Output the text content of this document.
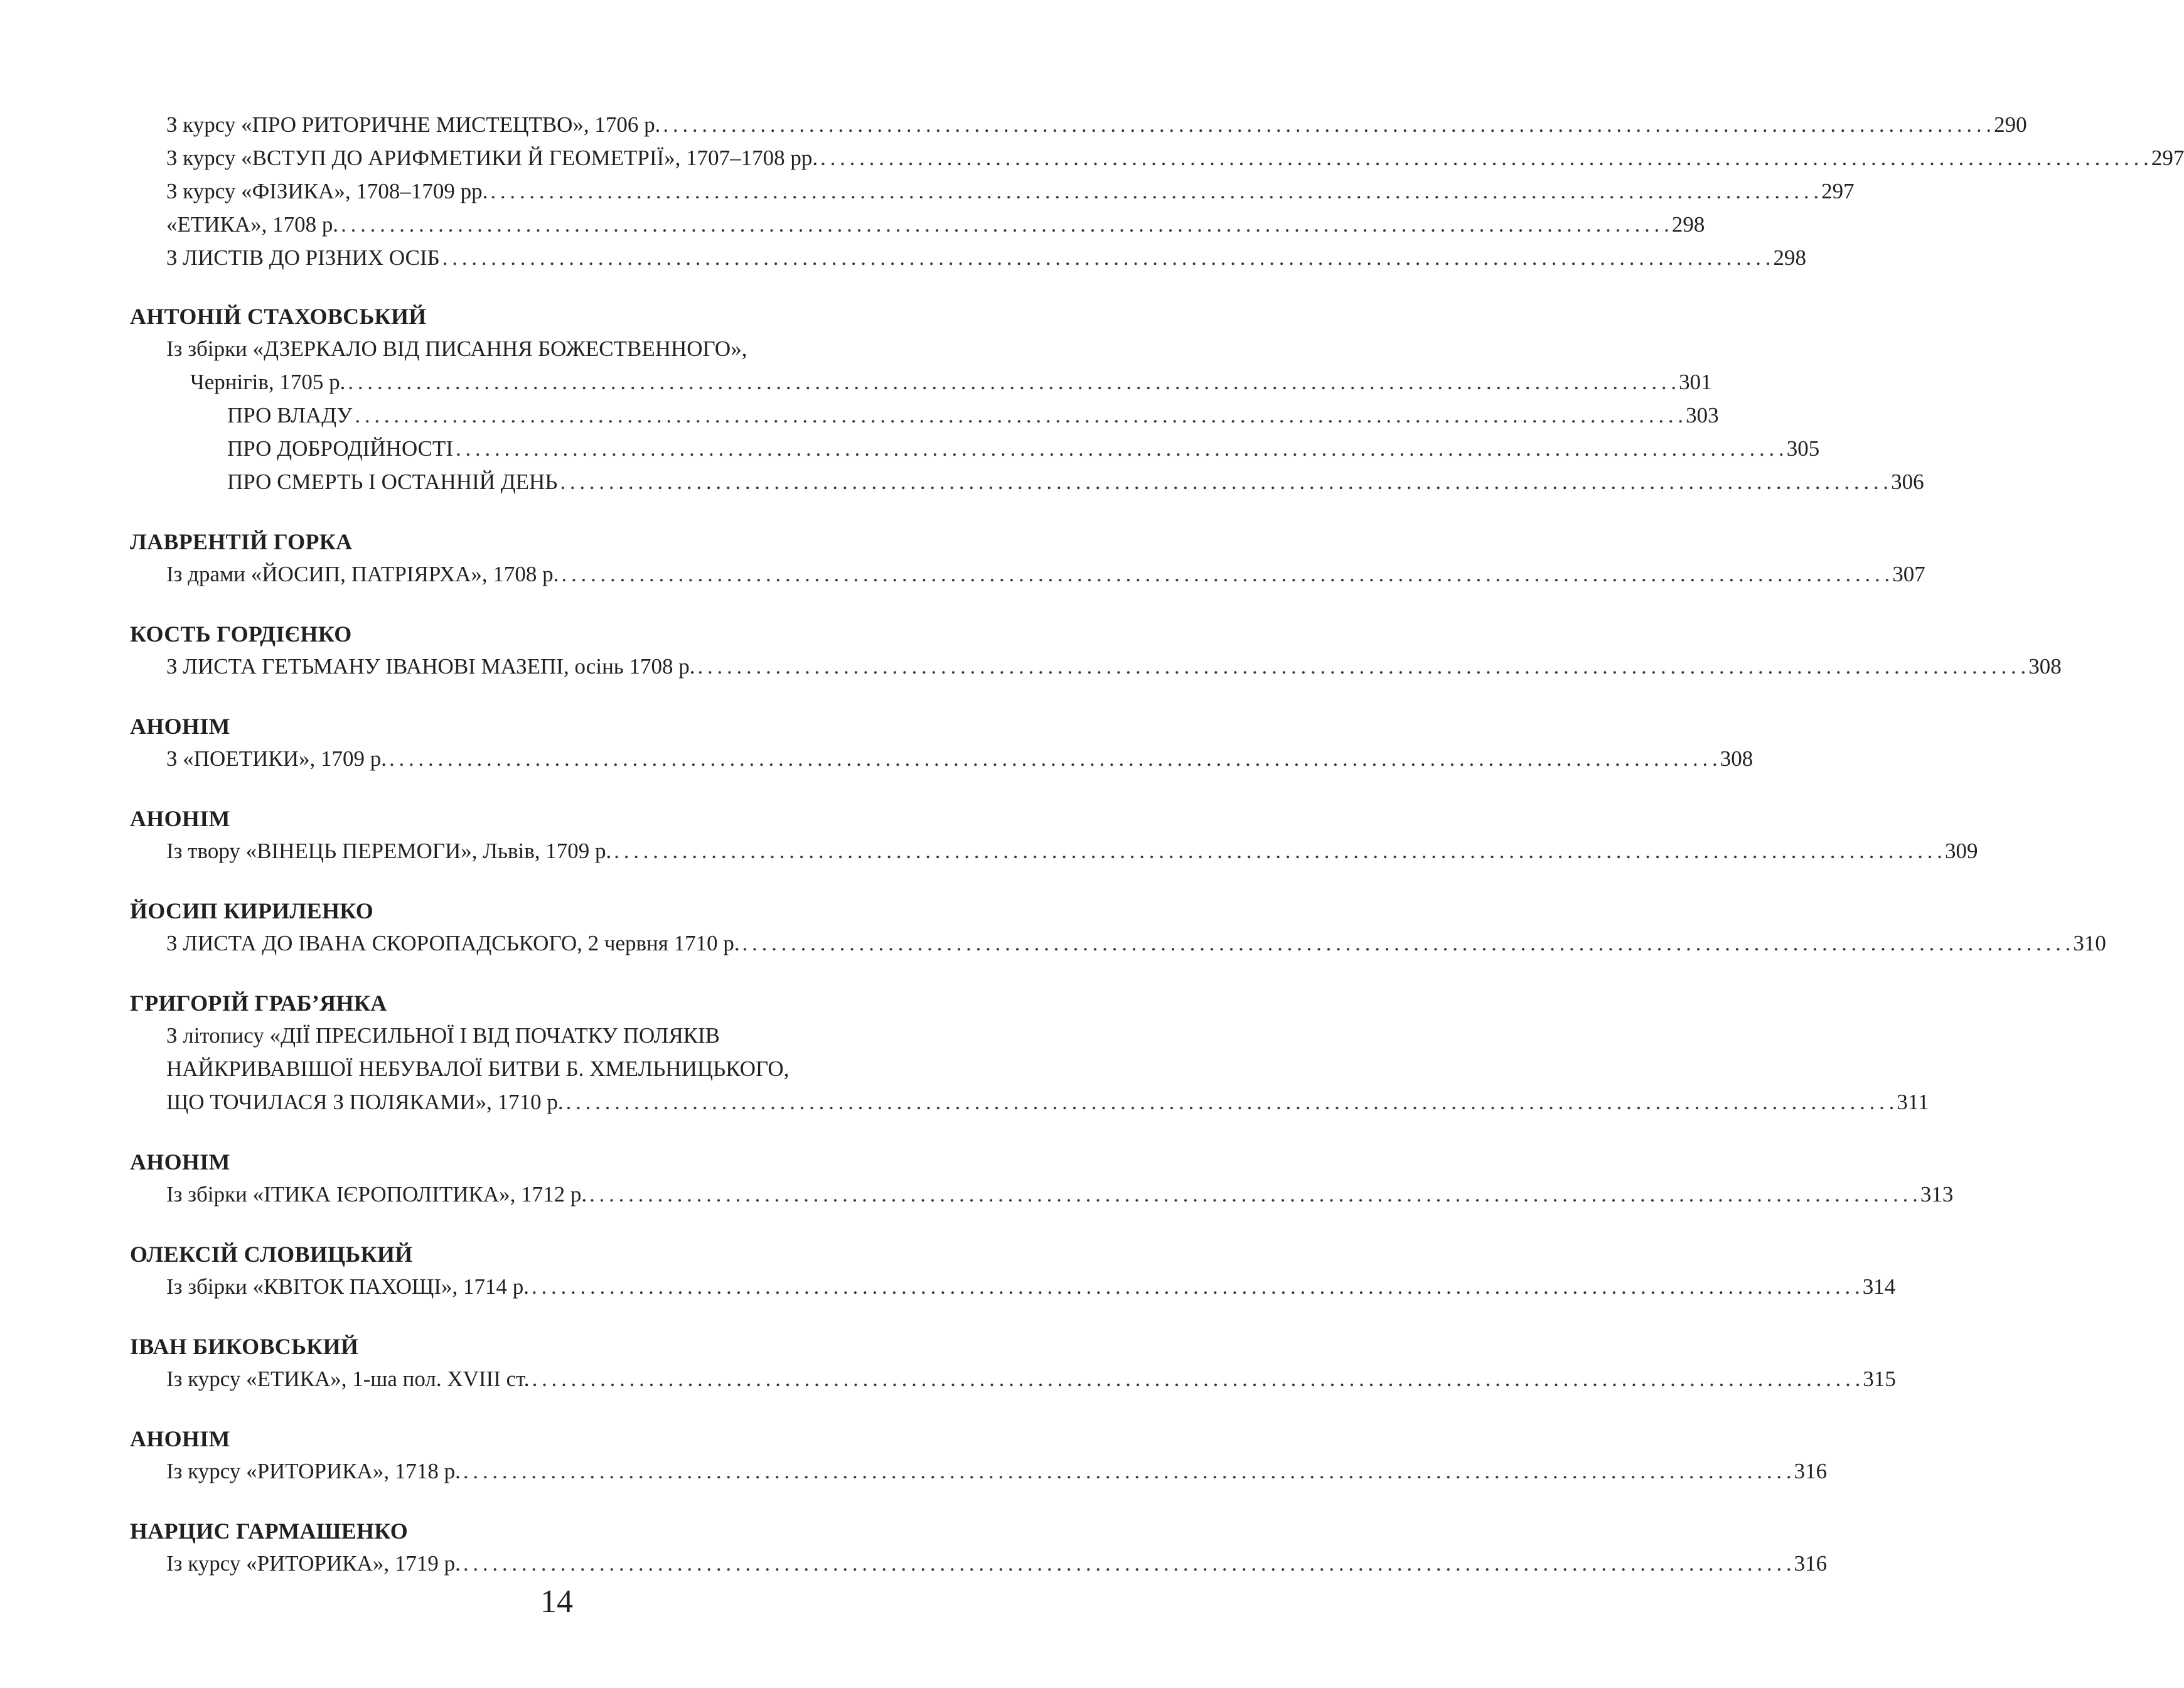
З курсу «ПРО РИТОРИЧНЕ МИСТЕЦТВО», 1706 р. . . .	290
З курсу «ВСТУП ДО АРИФМЕТИКИ Й ГЕОМЕТРІЇ», 1707–1708 рр. . . .	297
З курсу «ФІЗИКА», 1708–1709 рр. . . .	297
«ЕТИКА», 1708 р. . . .	298
З ЛИСТІВ ДО РІЗНИХ ОСІБ . . .	298
АНТОНІЙ СТАХОВСЬКИЙ
Із збірки «ДЗЕРКАЛО ВІД ПИСАННЯ БОЖЕСТВЕННОГО»,
Чернігів, 1705 р. . . .	301
ПРО ВЛАДУ . . .	303
ПРО ДОБРОДІЙНОСТІ . . .	305
ПРО СМЕРТЬ І ОСТАННІЙ ДЕНЬ . . .	306
ЛАВРЕНТІЙ ГОРКА
Із драми «ЙОСИП, ПАТРІЯРХА», 1708 р. . . .	307
КОСТЬ ГОРДІЄНКО
З ЛИСТА ГЕТЬМАНУ ІВАНОВІ МАЗЕПІ, осінь 1708 р. . . .	308
АНОНІМ
З «ПОЕТИКИ», 1709 р. . . .	308
АНОНІМ
Із твору «ВІНЕЦЬ ПЕРЕМОГИ», Львів, 1709 р. . . .	309
ЙОСИП КИРИЛЕНКО
З ЛИСТА ДО ІВАНА СКОРОПАДСЬКОГО, 2 червня 1710 р. . . .	310
ГРИГОРІЙ ГРАБ’ЯНКА
З літопису «ДІЇ ПРЕСИЛЬНОЇ І ВІД ПОЧАТКУ ПОЛЯКІВ
НАЙКРИВАВІШОЇ НЕБУВАЛОЇ БИТВИ Б. ХМЕЛЬНИЦЬКОГО,
ЩО ТОЧИЛАСЯ З ПОЛЯКАМИ», 1710 р. . . .	311
АНОНІМ
Із збірки «ІТИКА ІЄРОПОЛІТИКА», 1712 р. . . .	313
ОЛЕКСІЙ СЛОВИЦЬКИЙ
Із збірки «КВІТОК ПАХОЩІ», 1714 р. . . .	314
ІВАН БИКОВСЬКИЙ
Із курсу «ЕТИКА», 1-ша пол. XVIII ст. . . .	315
АНОНІМ
Із курсу «РИТОРИКА», 1718 р. . . .	316
НАРЦИС ГАРМАШЕНКО
Із курсу «РИТОРИКА», 1719 р. . . .	316
14
